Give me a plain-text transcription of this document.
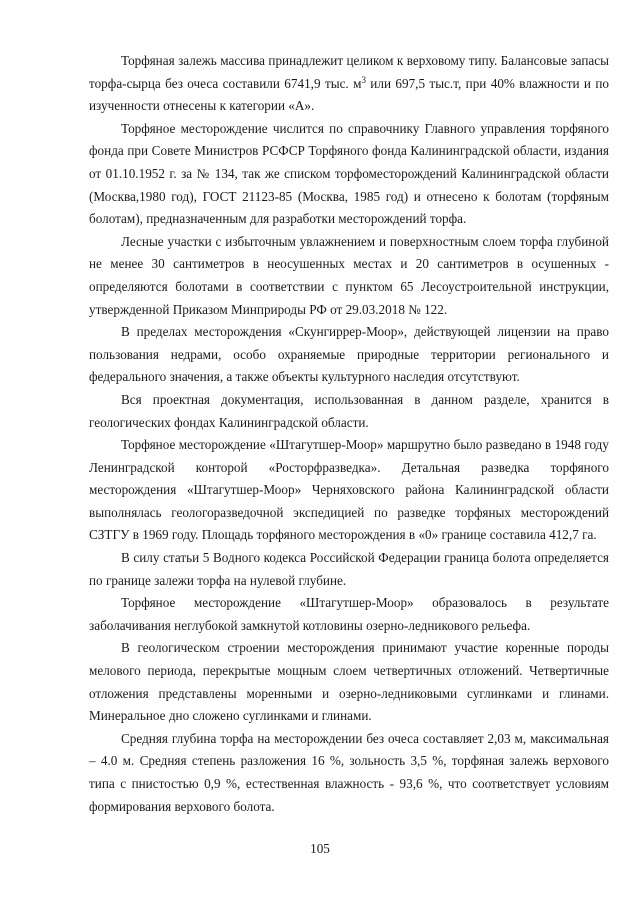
Торфяная залежь массива принадлежит целиком к верховому типу. Балансовые запасы торфа-сырца без очеса составили 6741,9 тыс. $м^3$ или 697,5 тыс.т, при 40% влажности и по изученности отнесены к категории «А».

Торфяное месторождение числится по справочнику Главного управления торфяного фонда при Совете Министров РСФСР Торфяного фонда Калининградской области, издания от 01.10.1952 г. за № 134, так же списком торфоместорождений Калининградской области (Москва,1980 год), ГОСТ 21123-85 (Москва, 1985 год) и отнесено к болотам (торфяным болотам), предназначенным для разработки месторождений торфа.

Лесные участки с избыточным увлажнением и поверхностным слоем торфа глубиной не менее 30 сантиметров в неосушенных местах и 20 сантиметров в осушенных - определяются болотами в соответствии с пунктом 65 Лесоустроительной инструкции, утвержденной Приказом Минприроды РФ от 29.03.2018 № 122.

В пределах месторождения «Скунгиррер-Моор», действующей лицензии на право пользования недрами, особо охраняемые природные территории регионального и федерального значения, а также объекты культурного наследия отсутствуют.

Вся проектная документация, использованная в данном разделе, хранится в геологических фондах Калининградской области.

Торфяное месторождение «Штагутшер-Моор» маршрутно было разведано в 1948 году Ленинградской конторой «Росторфразведка». Детальная разведка торфяного месторождения «Штагутшер-Моор» Черняховского района Калининградской области выполнялась геологоразведочной экспедицией по разведке торфяных месторождений СЗТГУ в 1969 году. Площадь торфяного месторождения в «0» границе составила 412,7 га.

В силу статьи 5 Водного кодекса Российской Федерации граница болота определяется по границе залежи торфа на нулевой глубине.

Торфяное месторождение «Штагутшер-Моор» образовалось в результате заболачивания неглубокой замкнутой котловины озерно-ледникового рельефа.

В геологическом строении месторождения принимают участие коренные породы мелового периода, перекрытые мощным слоем четвертичных отложений. Четвертичные отложения представлены моренными и озерно-ледниковыми суглинками и глинами. Минеральное дно сложено суглинками и глинами.

Средняя глубина торфа на месторождении без очеса составляет 2,03 м, максимальная – 4.0 м. Средняя степень разложения 16 %, зольность 3,5 %, торфяная залежь верхового типа с пнистостью 0,9 %, естественная влажность - 93,6 %, что соответствует условиям формирования верхового болота.

105
